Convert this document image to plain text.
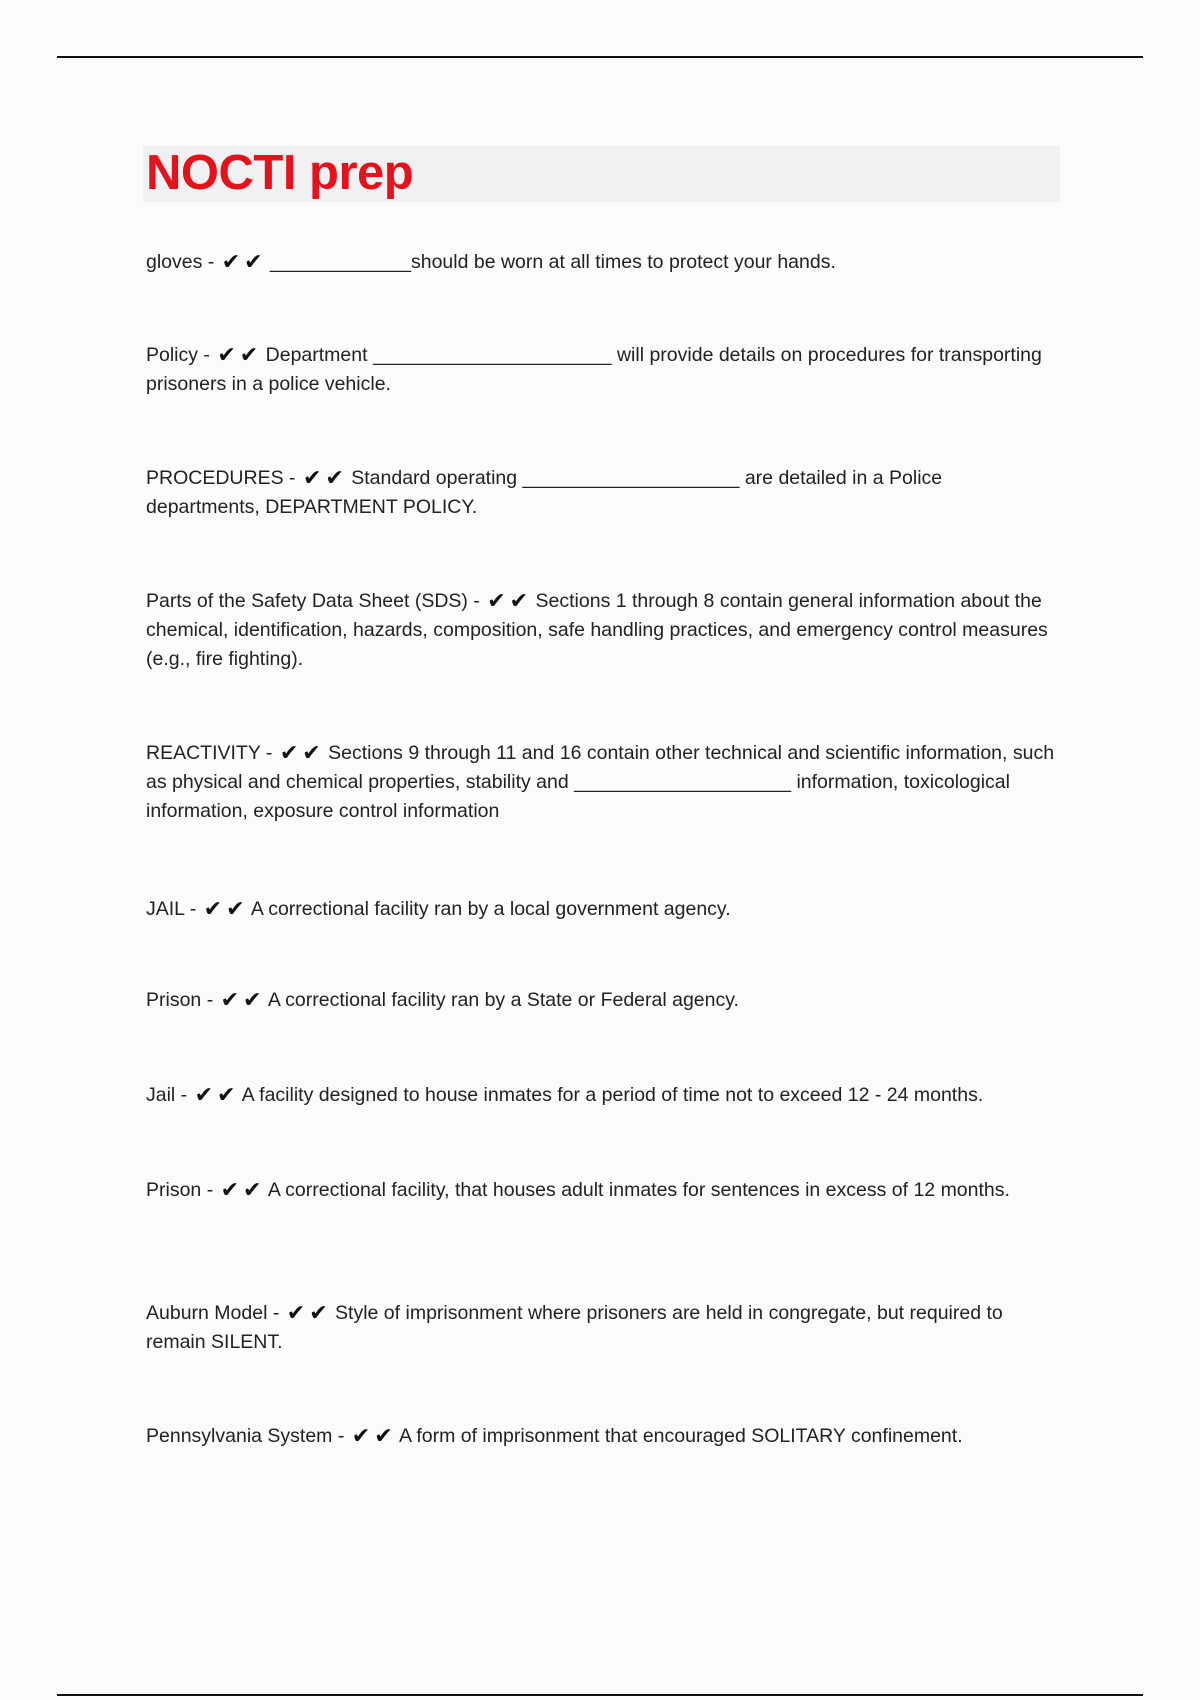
NOCTI prep

gloves - ✔ ✔ _____________should be worn at all times to protect your hands.

Policy - ✔ ✔ Department ______________________ will provide details on procedures for transporting prisoners in a police vehicle.

PROCEDURES - ✔ ✔ Standard operating ____________________ are detailed in a Police departments, DEPARTMENT POLICY.

Parts of the Safety Data Sheet (SDS) - ✔ ✔ Sections 1 through 8 contain general information about the chemical, identification, hazards, composition, safe handling practices, and emergency control measures (e.g., fire fighting).

REACTIVITY - ✔ ✔ Sections 9 through 11 and 16 contain other technical and scientific information, such as physical and chemical properties, stability and ____________________ information, toxicological information, exposure control information

JAIL - ✔ ✔ A correctional facility ran by a local government agency.

Prison - ✔ ✔ A correctional facility ran by a State or Federal agency.

Jail - ✔ ✔ A facility designed to house inmates for a period of time not to exceed 12 - 24 months.

Prison - ✔ ✔ A correctional facility, that houses adult inmates for sentences in excess of 12 months.

Auburn Model - ✔ ✔ Style of imprisonment where prisoners are held in congregate, but required to remain SILENT.

Pennsylvania System - ✔ ✔ A form of imprisonment that encouraged SOLITARY confinement.
